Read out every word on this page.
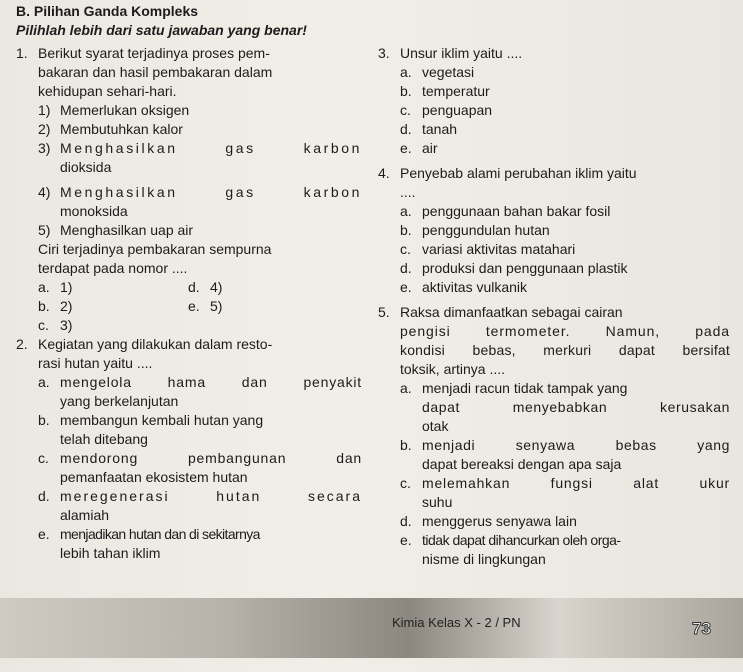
B. Pilihan Ganda Kompleks
Pilihlah lebih dari satu jawaban yang benar!
1. Berikut syarat terjadinya proses pem-
bakaran dan hasil pembakaran dalam
kehidupan sehari-hari.
1) Memerlukan oksigen
2) Membutuhkan kalor
3) Menghasilkan gas karbon
dioksida
4) Menghasilkan gas karbon
monoksida
5) Menghasilkan uap air
Ciri terjadinya pembakaran sempurna
terdapat pada nomor ....
a. 1)	d. 4)
b. 2)	e. 5)
c. 3)
2. Kegiatan yang dilakukan dalam resto-
rasi hutan yaitu ....
a. mengelola hama dan penyakit
yang berkelanjutan
b. membangun kembali hutan yang
telah ditebang
c. mendorong pembangunan dan
pemanfaatan ekosistem hutan
d. meregenerasi hutan secara
alamiah
e. menjadikan hutan dan di sekitarnya
lebih tahan iklim
3. Unsur iklim yaitu ....
a. vegetasi
b. temperatur
c. penguapan
d. tanah
e. air
4. Penyebab alami perubahan iklim yaitu
....
a. penggunaan bahan bakar fosil
b. penggundulan hutan
c. variasi aktivitas matahari
d. produksi dan penggunaan plastik
e. aktivitas vulkanik
5. Raksa dimanfaatkan sebagai cairan
pengisi termometer. Namun, pada
kondisi bebas, merkuri dapat bersifat
toksik, artinya ....
a. menjadi racun tidak tampak yang
dapat menyebabkan kerusakan
otak
b. menjadi senyawa bebas yang
dapat bereaksi dengan apa saja
c. melemahkan fungsi alat ukur
suhu
d. menggerus senyawa lain
e. tidak dapat dihancurkan oleh orga-
nisme di lingkungan
Kimia Kelas X - 2 / PN	73
